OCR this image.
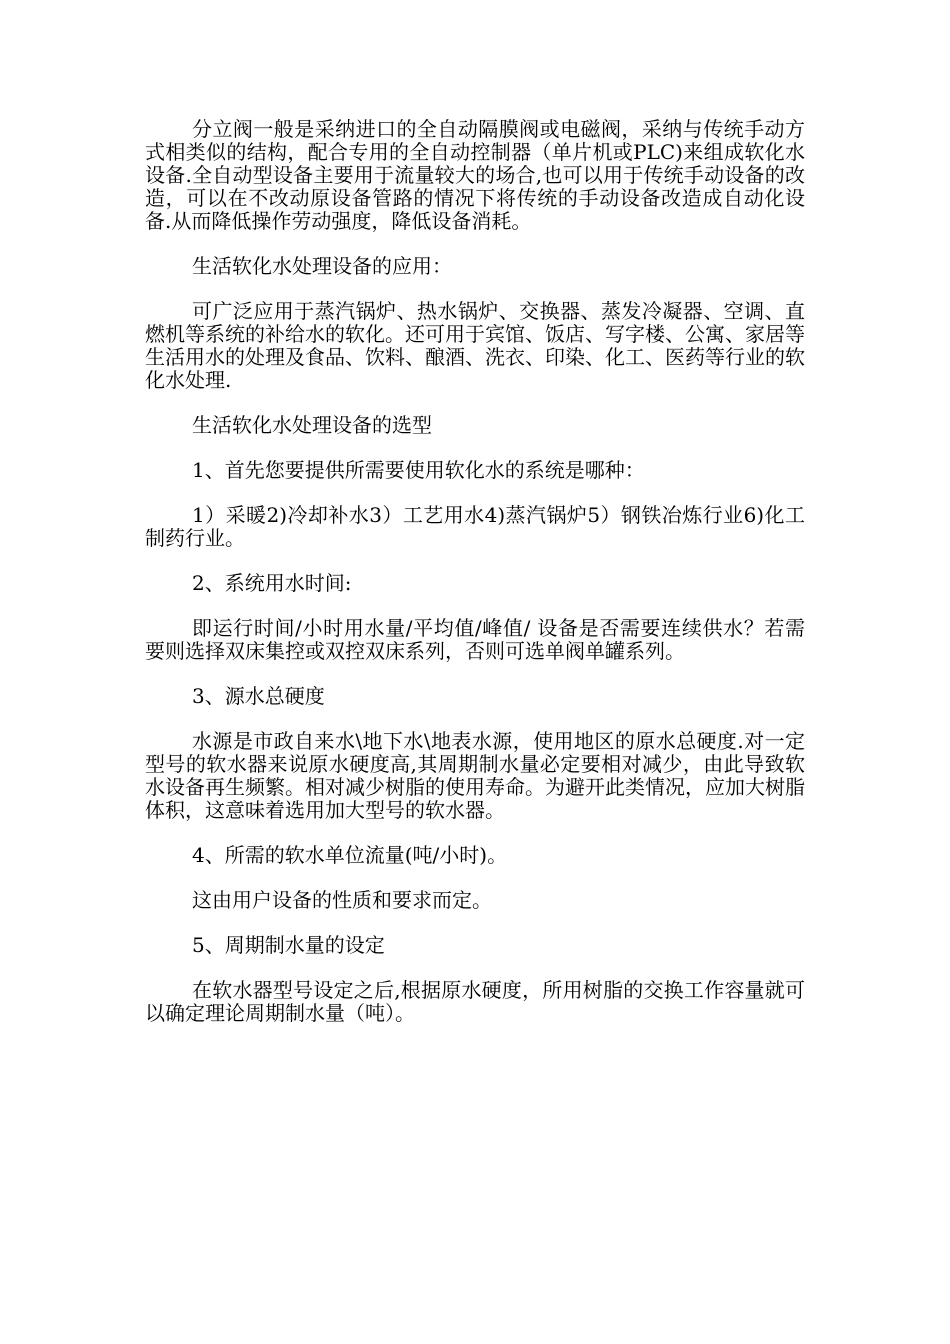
分立阀一般是采纳进口的全自动隔膜阀或电磁阀，采纳与传统手动方式相类似的结构，配合专用的全自动控制器（单片机或PLC)来组成软化水设备.全自动型设备主要用于流量较大的场合,也可以用于传统手动设备的改造，可以在不改动原设备管路的情况下将传统的手动设备改造成自动化设备.从而降低操作劳动强度，降低设备消耗。

生活软化水处理设备的应用：

可广泛应用于蒸汽锅炉、热水锅炉、交换器、蒸发冷凝器、空调、直燃机等系统的补给水的软化。还可用于宾馆、饭店、写字楼、公寓、家居等生活用水的处理及食品、饮料、酿酒、洗衣、印染、化工、医药等行业的软化水处理.

生活软化水处理设备的选型

1、首先您要提供所需要使用软化水的系统是哪种：

1）采暖2)冷却补水3）工艺用水4)蒸汽锅炉5）钢铁冶炼行业6)化工制药行业。

2、系统用水时间:

即运行时间/小时用水量/平均值/峰值/ 设备是否需要连续供水？若需要则选择双床集控或双控双床系列，否则可选单阀单罐系列。

3、源水总硬度

水源是市政自来水\地下水\地表水源，使用地区的原水总硬度.对一定型号的软水器来说原水硬度高,其周期制水量必定要相对减少，由此导致软水设备再生频繁。相对减少树脂的使用寿命。为避开此类情况，应加大树脂体积，这意味着选用加大型号的软水器。

4、所需的软水单位流量(吨/小时)。

这由用户设备的性质和要求而定。

5、周期制水量的设定

在软水器型号设定之后,根据原水硬度，所用树脂的交换工作容量就可以确定理论周期制水量（吨）。
